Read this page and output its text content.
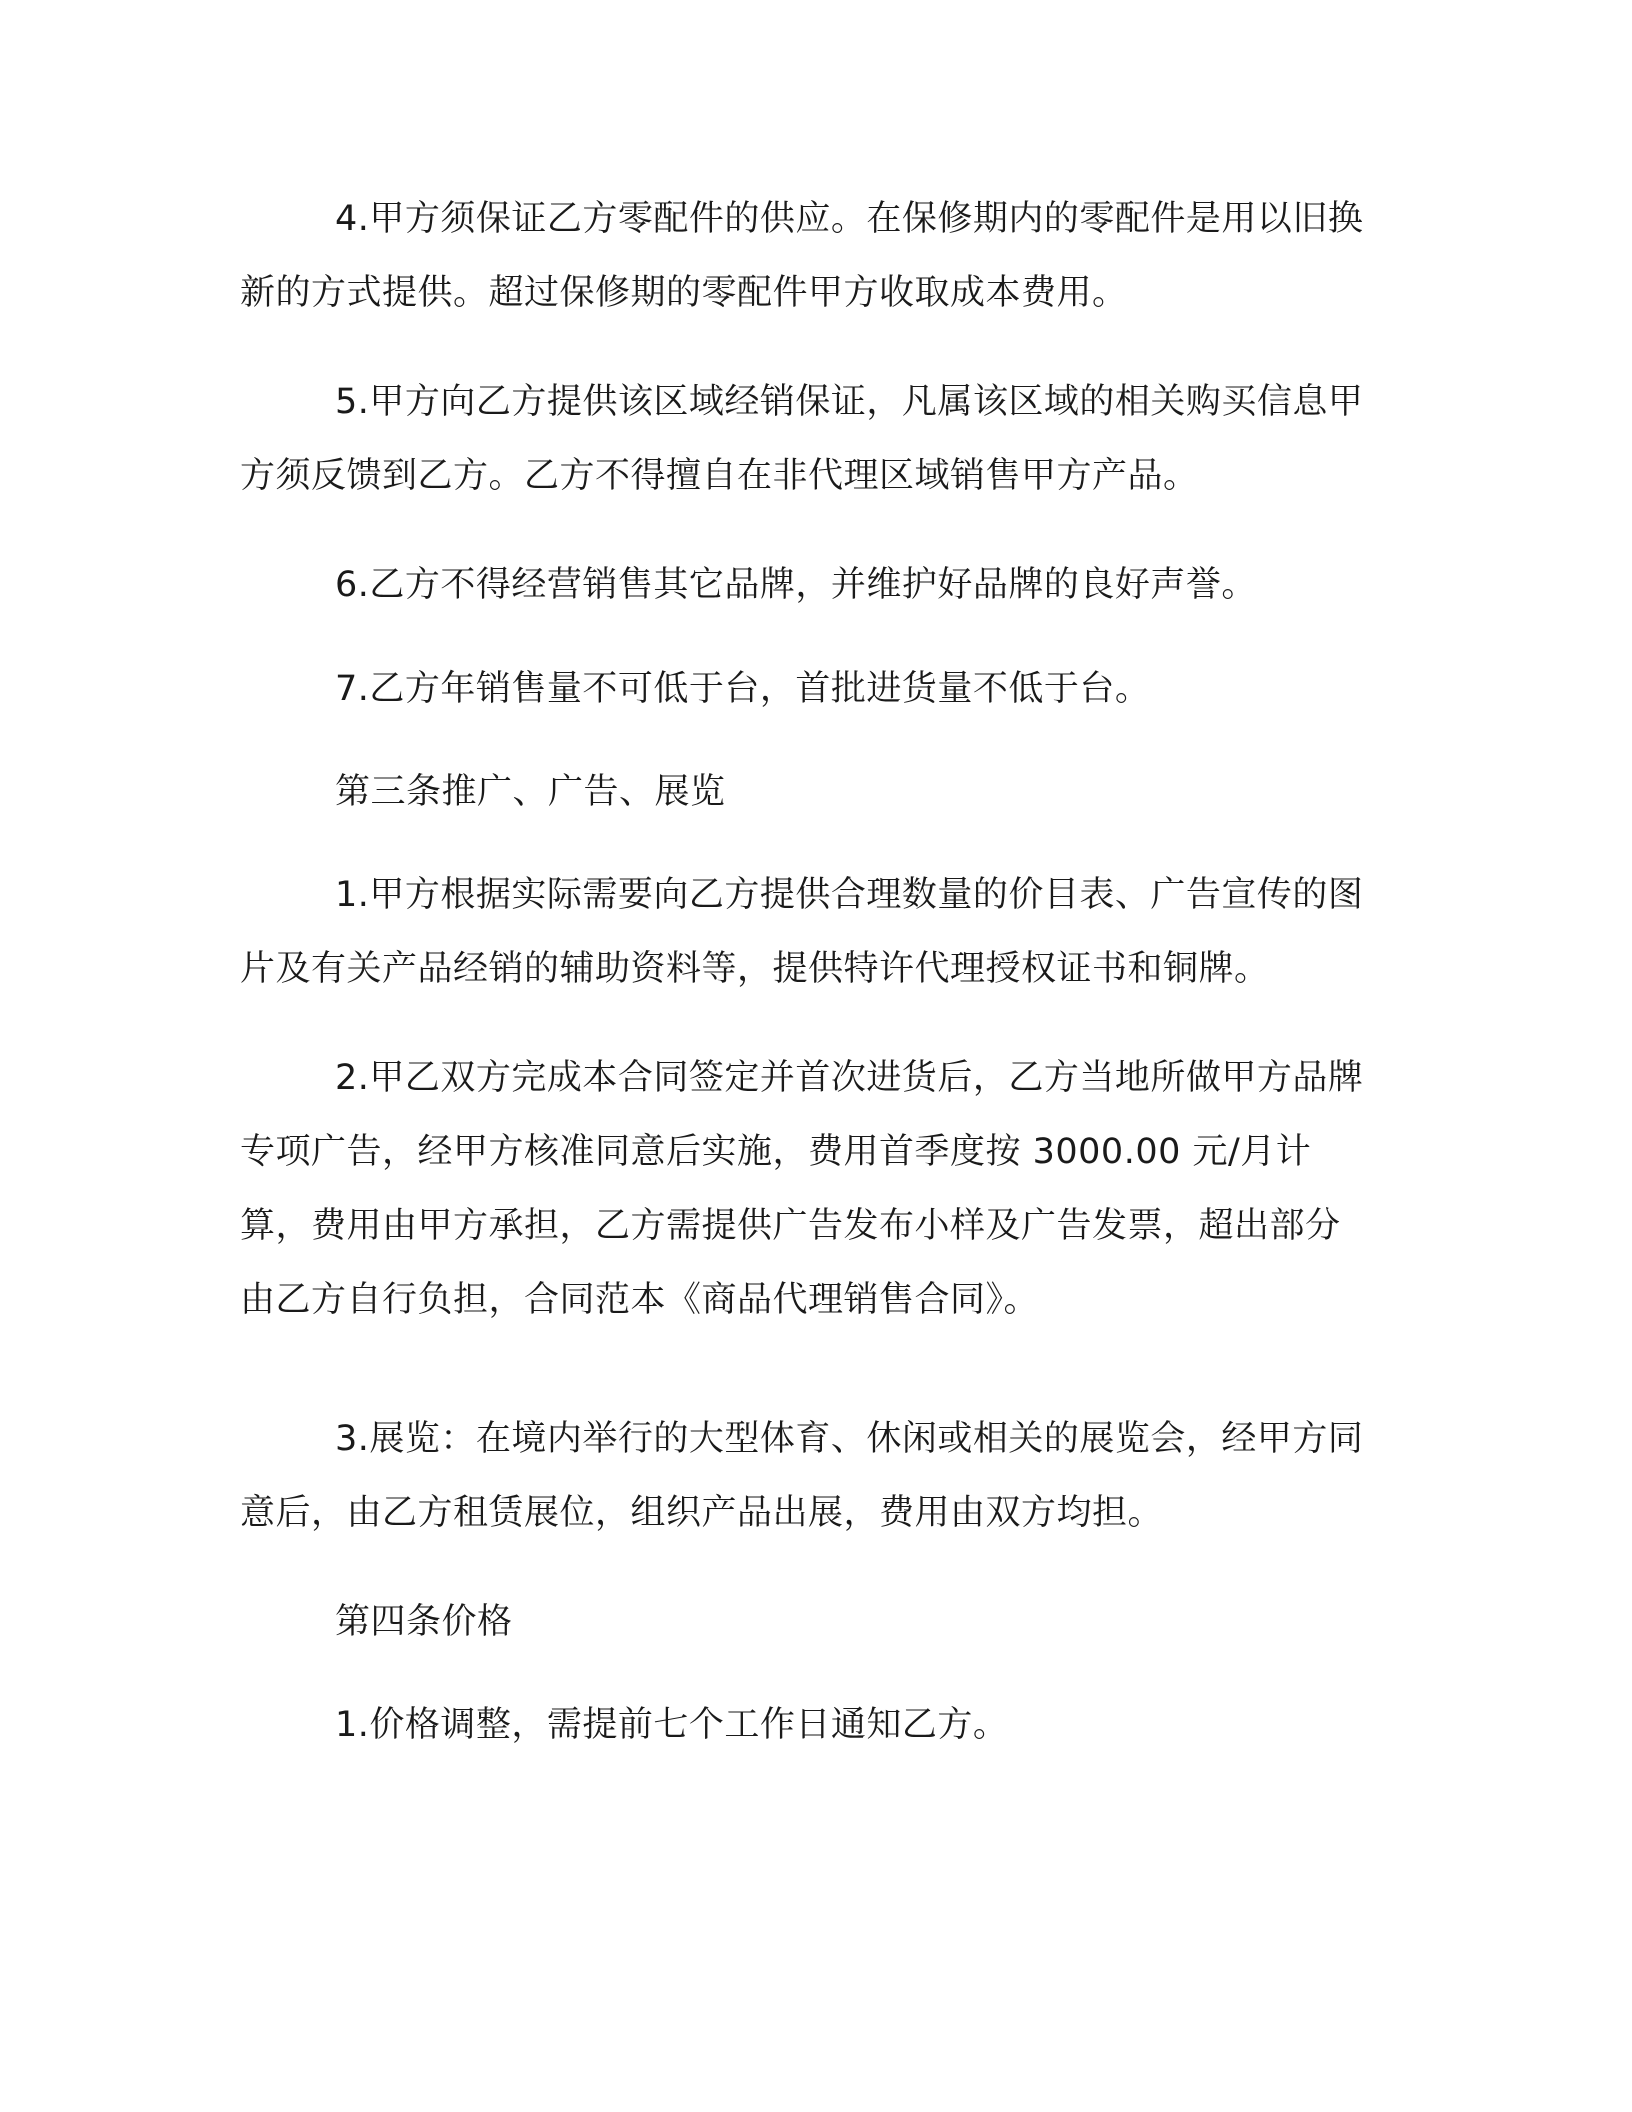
4.甲方须保证乙方零配件的供应。在保修期内的零配件是用以旧换新的方式提供。超过保修期的零配件甲方收取成本费用。

5.甲方向乙方提供该区域经销保证，凡属该区域的相关购买信息甲方须反馈到乙方。乙方不得擅自在非代理区域销售甲方产品。

6.乙方不得经营销售其它品牌，并维护好品牌的良好声誉。

7.乙方年销售量不可低于台，首批进货量不低于台。

第三条推广、广告、展览

1.甲方根据实际需要向乙方提供合理数量的价目表、广告宣传的图片及有关产品经销的辅助资料等，提供特许代理授权证书和铜牌。

2.甲乙双方完成本合同签定并首次进货后，乙方当地所做甲方品牌专项广告，经甲方核准同意后实施，费用首季度按 3000.00 元/月计算，费用由甲方承担，乙方需提供广告发布小样及广告发票，超出部分由乙方自行负担，合同范本《商品代理销售合同》。

3.展览：在境内举行的大型体育、休闲或相关的展览会，经甲方同意后，由乙方租赁展位，组织产品出展，费用由双方均担。

第四条价格

1.价格调整，需提前七个工作日通知乙方。
